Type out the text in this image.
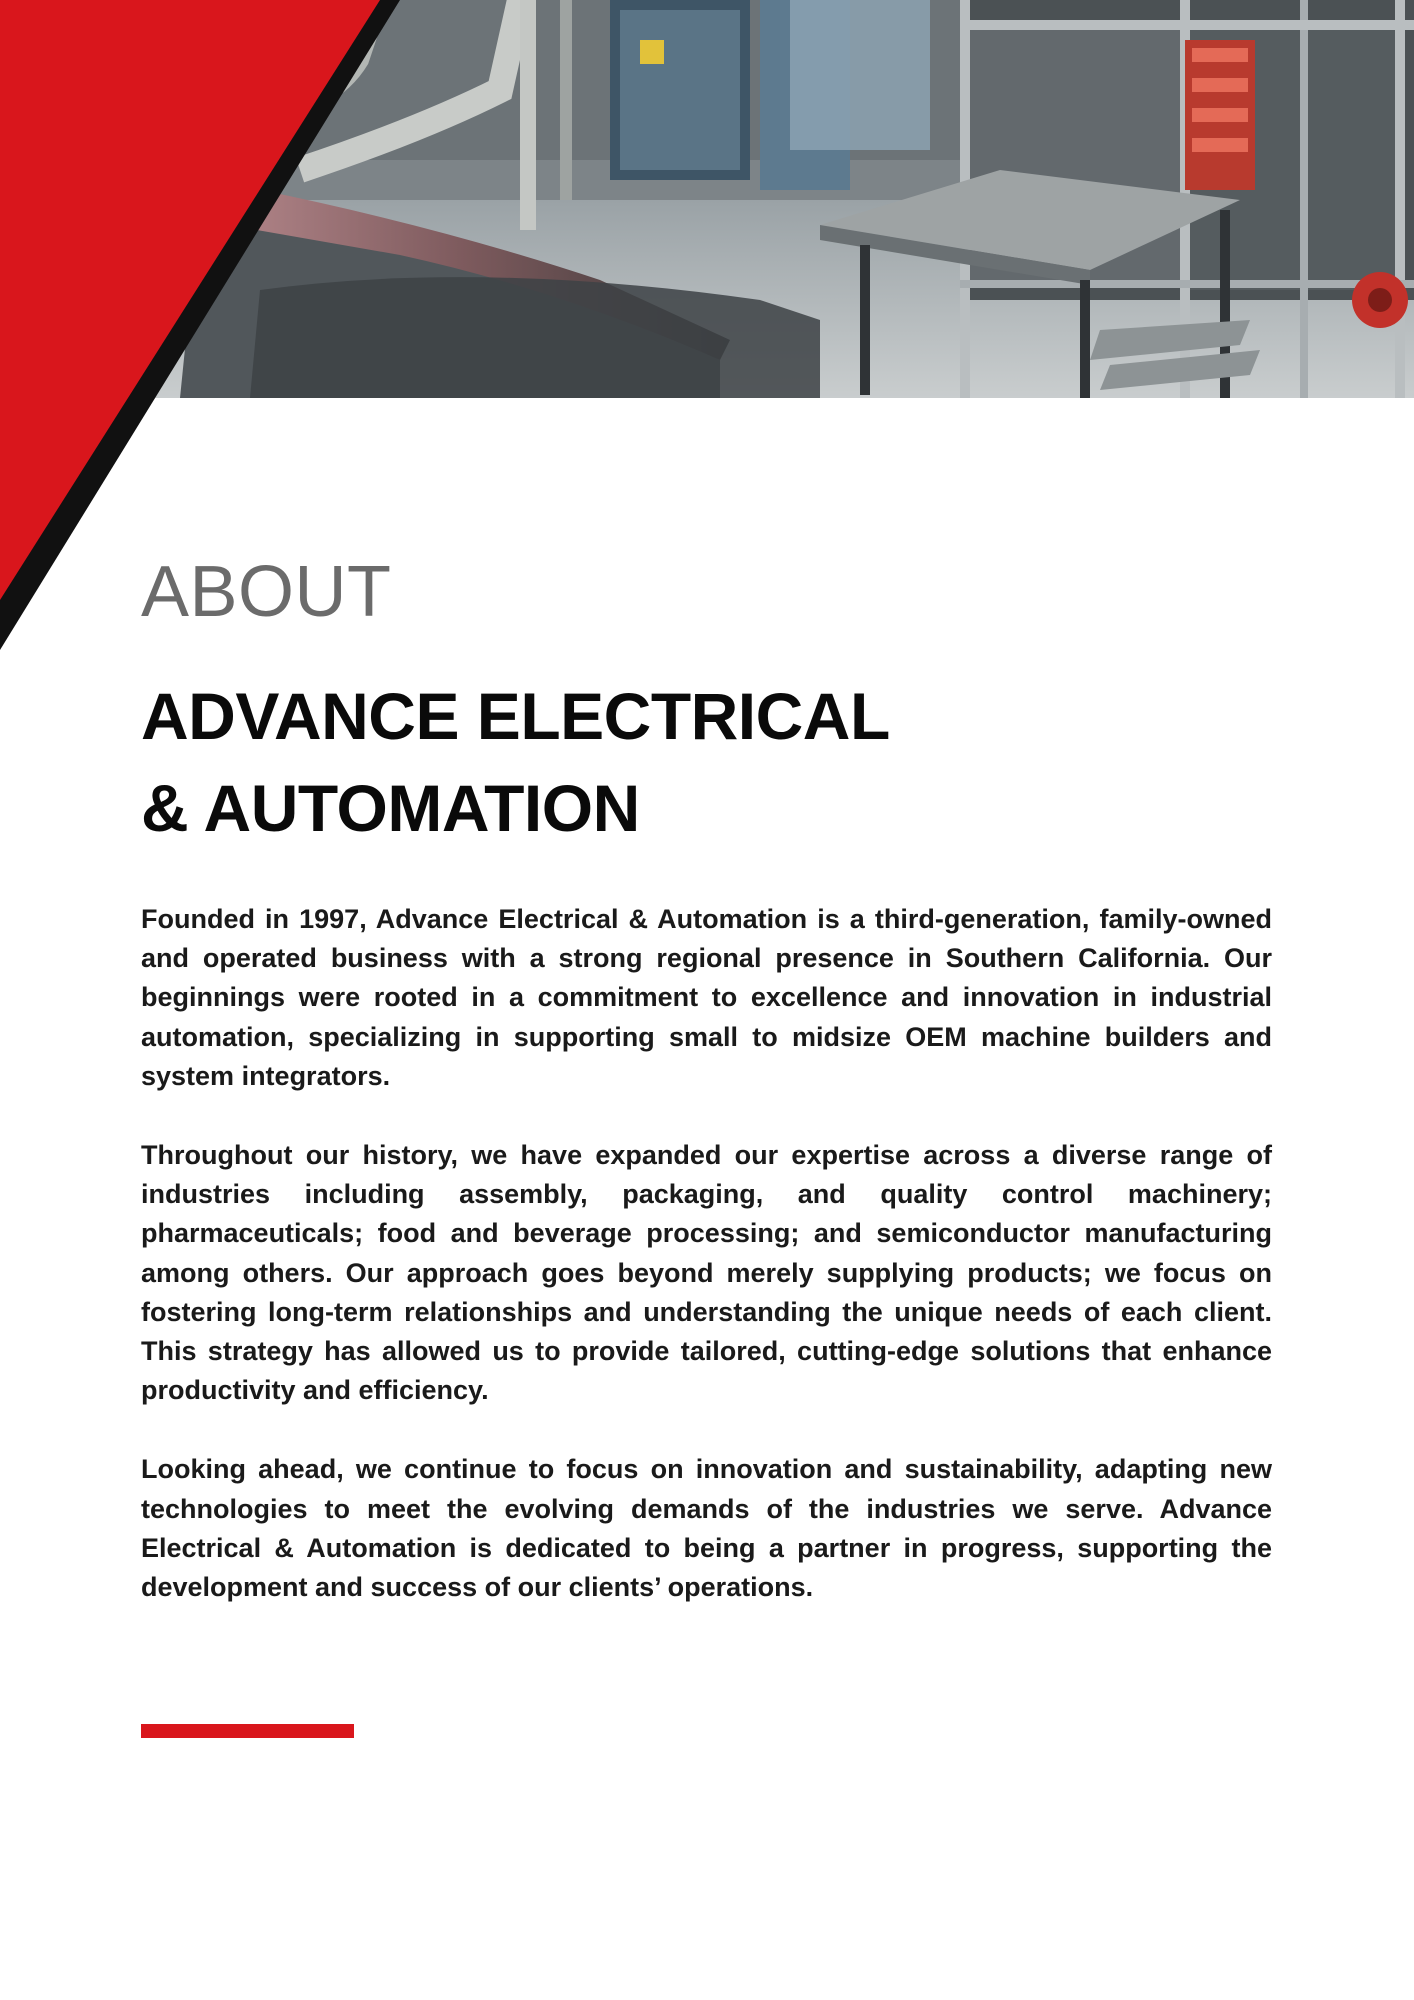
ABOUT
ADVANCE ELECTRICAL
& AUTOMATION

Founded in 1997, Advance Electrical & Automation is a third-generation, family-owned and operated business with a strong regional presence in Southern California. Our beginnings were rooted in a commitment to excellence and innovation in industrial automation, specializing in supporting small to midsize OEM machine builders and system integrators.

Throughout our history, we have expanded our expertise across a diverse range of industries including assembly, packaging, and quality control machinery; pharmaceuticals; food and beverage processing; and semiconductor manufacturing among others. Our approach goes beyond merely supplying products; we focus on fostering long-term relationships and understanding the unique needs of each client. This strategy has allowed us to provide tailored, cutting-edge solutions that enhance productivity and efficiency.

Looking ahead, we continue to focus on innovation and sustainability, adapting new technologies to meet the evolving demands of the industries we serve. Advance Electrical & Automation is dedicated to being a partner in progress, supporting the development and success of our clients’ operations.
